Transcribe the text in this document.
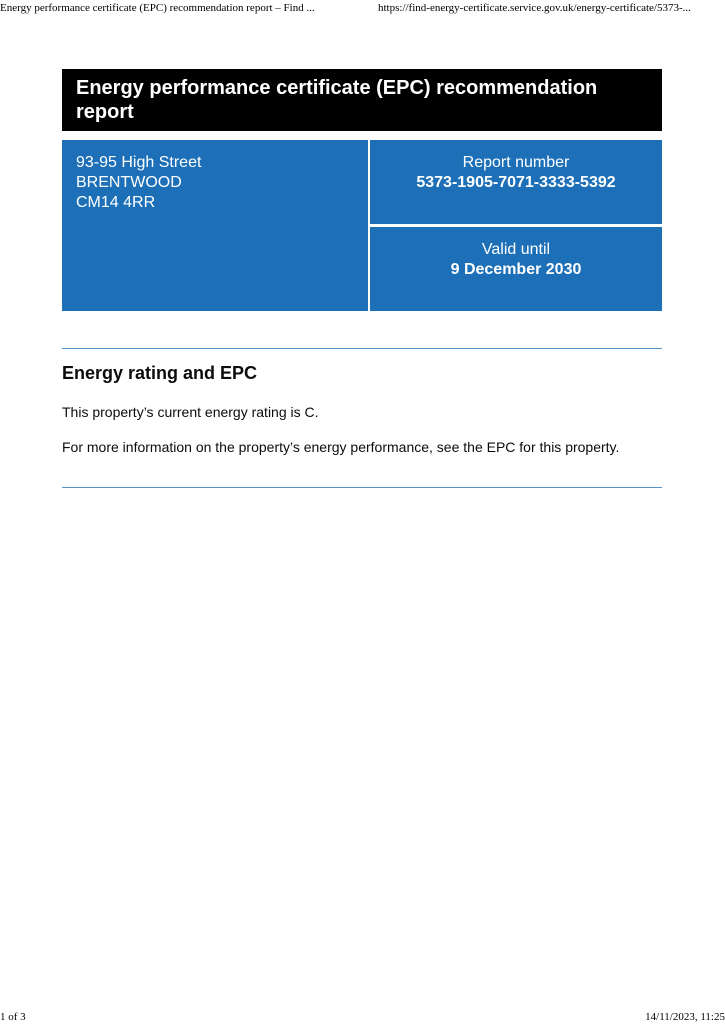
Energy performance certificate (EPC) recommendation report – Find ...	https://find-energy-certificate.service.gov.uk/energy-certificate/5373-...
Energy performance certificate (EPC) recommendation report
93-95 High Street
BRENTWOOD
CM14 4RR
Report number
5373-1905-7071-3333-5392
Valid until
9 December 2030
Energy rating and EPC

This property’s current energy rating is C.

For more information on the property’s energy performance, see the EPC for this property.

1 of 3	14/11/2023, 11:25
